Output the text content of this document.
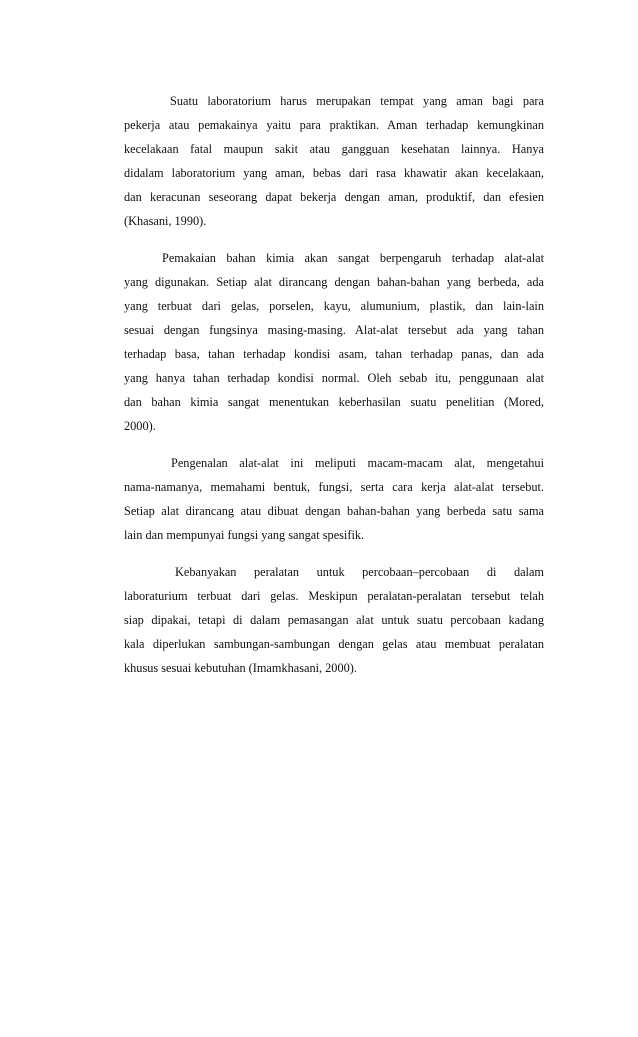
Suatu laboratorium harus merupakan tempat yang aman bagi para
pekerja atau pemakainya yaitu para praktikan. Aman terhadap kemungkinan
kecelakaan fatal maupun sakit atau gangguan kesehatan lainnya. Hanya
didalam laboratorium yang aman, bebas dari rasa khawatir akan kecelakaan,
dan keracunan seseorang dapat bekerja dengan aman, produktif, dan efesien
(Khasani, 1990).

Pemakaian bahan kimia akan sangat berpengaruh terhadap alat-alat
yang digunakan. Setiap alat dirancang dengan bahan-bahan yang berbeda, ada
yang terbuat dari gelas, porselen, kayu, alumunium, plastik, dan lain-lain
sesuai dengan fungsinya masing-masing. Alat-alat tersebut ada yang tahan
terhadap basa, tahan terhadap kondisi asam, tahan terhadap panas, dan ada
yang hanya tahan terhadap kondisi normal. Oleh sebab itu, penggunaan alat
dan bahan kimia sangat menentukan keberhasilan suatu penelitian (Mored,
2000).

Pengenalan alat-alat ini meliputi macam-macam alat, mengetahui
nama-namanya, memahami bentuk, fungsi, serta cara kerja alat-alat tersebut.
Setiap alat dirancang atau dibuat dengan bahan-bahan yang berbeda satu sama
lain dan mempunyai fungsi yang sangat spesifik.

Kebanyakan peralatan untuk percobaan–percobaan di dalam
laboraturium terbuat dari gelas. Meskipun peralatan-peralatan tersebut telah
siap dipakai, tetapi di dalam pemasangan alat untuk suatu percobaan kadang
kala diperlukan sambungan-sambungan dengan gelas atau membuat peralatan
khusus sesuai kebutuhan (Imamkhasani, 2000).
